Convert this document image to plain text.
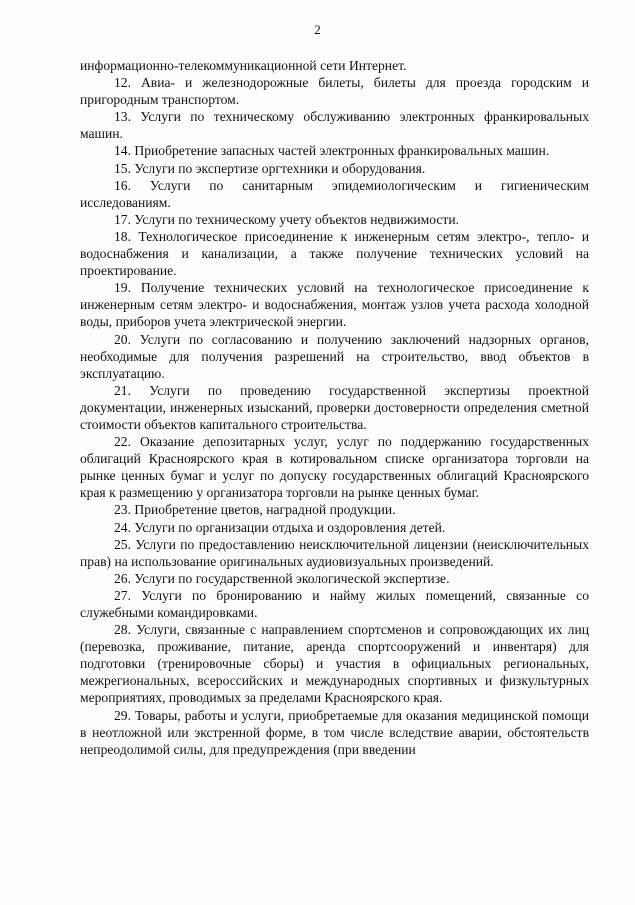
2

информационно-телекоммуникационной сети Интернет.

12. Авиа- и железнодорожные билеты, билеты для проезда городским и пригородным транспортом.

13. Услуги по техническому обслуживанию электронных франкировальных машин.

14. Приобретение запасных частей электронных франкировальных машин.

15. Услуги по экспертизе оргтехники и оборудования.

16. Услуги по санитарным эпидемиологическим и гигиеническим исследованиям.

17. Услуги по техническому учету объектов недвижимости.

18. Технологическое присоединение к инженерным сетям электро-, тепло- и водоснабжения и канализации, а также получение технических условий на проектирование.

19. Получение технических условий на технологическое присоединение к инженерным сетям электро- и водоснабжения, монтаж узлов учета расхода холодной воды, приборов учета электрической энергии.

20. Услуги по согласованию и получению заключений надзорных органов, необходимые для получения разрешений на строительство, ввод объектов в эксплуатацию.

21. Услуги по проведению государственной экспертизы проектной документации, инженерных изысканий, проверки достоверности определения сметной стоимости объектов капитального строительства.

22. Оказание депозитарных услуг, услуг по поддержанию государственных облигаций Красноярского края в котировальном списке организатора торговли на рынке ценных бумаг и услуг по допуску государственных облигаций Красноярского края к размещению у организатора торговли на рынке ценных бумаг.

23. Приобретение цветов, наградной продукции.

24. Услуги по организации отдыха и оздоровления детей.

25. Услуги по предоставлению неисключительной лицензии (неисключительных прав) на использование оригинальных аудиовизуальных произведений.

26. Услуги по государственной экологической экспертизе.

27. Услуги по бронированию и найму жилых помещений, связанные со служебными командировками.

28. Услуги, связанные с направлением спортсменов и сопровождающих их лиц (перевозка, проживание, питание, аренда спортсооружений и инвентаря) для подготовки (тренировочные сборы) и участия в официальных региональных, межрегиональных, всероссийских и международных спортивных и физкультурных мероприятиях, проводимых за пределами Красноярского края.

29. Товары, работы и услуги, приобретаемые для оказания медицинской помощи в неотложной или экстренной форме, в том числе вследствие аварии, обстоятельств непреодолимой силы, для предупреждения (при введении
